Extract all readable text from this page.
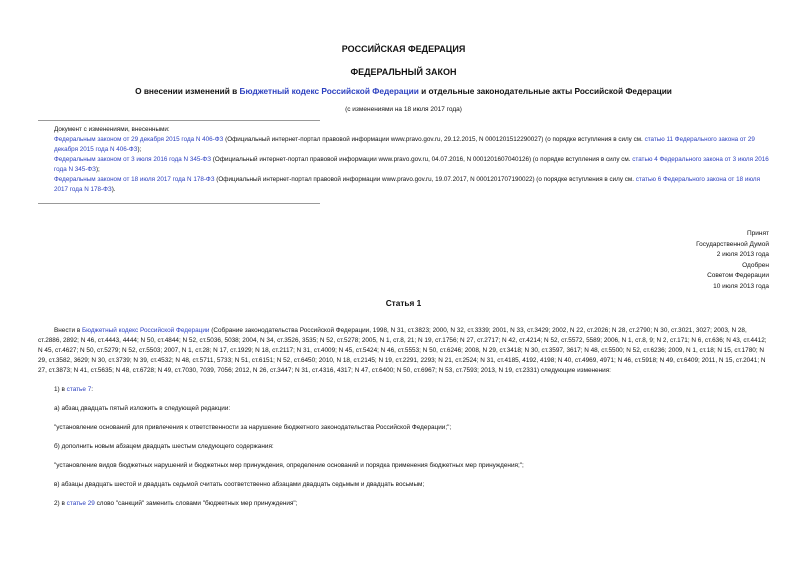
РОССИЙСКАЯ ФЕДЕРАЦИЯ
ФЕДЕРАЛЬНЫЙ ЗАКОН
О внесении изменений в Бюджетный кодекс Российской Федерации и отдельные законодательные акты Российской Федерации
(с изменениями на 18 июля 2017 года)

Документ с изменениями, внесенными:

Федеральным законом от 29 декабря 2015 года N 406-ФЗ (Официальный интернет-портал правовой информации www.pravo.gov.ru, 29.12.2015, N 0001201512290027) (о порядке вступления в силу см. статью 11 Федерального закона от 29 декабря 2015 года N 406-ФЗ);

Федеральным законом от 3 июля 2016 года N 345-ФЗ (Официальный интернет-портал правовой информации www.pravo.gov.ru, 04.07.2016, N 0001201607040126) (о порядке вступления в силу см. статью 4 Федерального закона от 3 июля 2016 года N 345-ФЗ);

Федеральным законом от 18 июля 2017 года N 178-ФЗ (Официальный интернет-портал правовой информации www.pravo.gov.ru, 19.07.2017, N 0001201707190022) (о порядке вступления в силу см. статью 6 Федерального закона от 18 июля 2017 года N 178-ФЗ).

Принят
Государственной Думой
2 июля 2013 года
Одобрен
Советом Федерации
10 июля 2013 года
Статья 1

Внести в Бюджетный кодекс Российской Федерации (Собрание законодательства Российской Федерации, 1998, N 31, ст.3823; 2000, N 32, ст.3339; 2001, N 33, ст.3429; 2002, N 22, ст.2026; N 28, ст.2790; N 30, ст.3021, 3027; 2003, N 28, ст.2886, 2892; N 46, ст.4443, 4444; N 50, ст.4844; N 52, ст.5036, 5038; 2004, N 34, ст.3526, 3535; N 52, ст.5278; 2005, N 1, ст.8, 21; N 19, ст.1756; N 27, ст.2717; N 42, ст.4214; N 52, ст.5572, 5589; 2006, N 1, ст.8, 9; N 2, ст.171; N 6, ст.636; N 43, ст.4412; N 45, ст.4627; N 50, ст.5279; N 52, ст.5503; 2007, N 1, ст.28; N 17, ст.1929; N 18, ст.2117; N 31, ст.4009; N 45, ст.5424; N 46, ст.5553; N 50, ст.6246; 2008, N 29, ст.3418; N 30, ст.3597, 3617; N 48, ст.5500; N 52, ст.6236; 2009, N 1, ст.18; N 15, ст.1780; N 29, ст.3582, 3629; N 30, ст.3739; N 39, ст.4532; N 48, ст.5711, 5733; N 51, ст.6151; N 52, ст.6450; 2010, N 18, ст.2145; N 19, ст.2291, 2293; N 21, ст.2524; N 31, ст.4185, 4192, 4198; N 40, ст.4969, 4971; N 46, ст.5918; N 49, ст.6409; 2011, N 15, ст.2041; N 27, ст.3873; N 41, ст.5635; N 48, ст.6728; N 49, ст.7030, 7039, 7056; 2012, N 26, ст.3447; N 31, ст.4316, 4317; N 47, ст.6400; N 50, ст.6967; N 53, ст.7593; 2013, N 19, ст.2331) следующие изменения:

1) в статье 7:

а) абзац двадцать пятый изложить в следующей редакции:

"установление оснований для привлечения к ответственности за нарушение бюджетного законодательства Российской Федерации;";

б) дополнить новым абзацем двадцать шестым следующего содержания:

"установление видов бюджетных нарушений и бюджетных мер принуждения, определение оснований и порядка применения бюджетных мер принуждения;";

в) абзацы двадцать шестой и двадцать седьмой считать соответственно абзацами двадцать седьмым и двадцать восьмым;

2) в статье 29 слово "санкций" заменить словами "бюджетных мер принуждения";
